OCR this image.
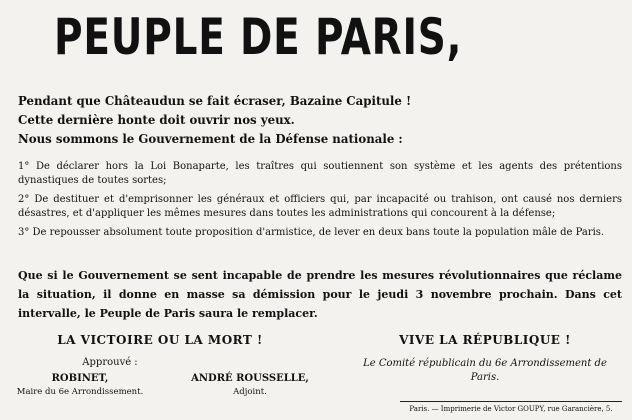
PEUPLE DE PARIS,
Pendant que Châteaudun se fait écraser, Bazaine Capitule !
Cette dernière honte doit ouvrir nos yeux.
Nous sommons le Gouvernement de la Défense nationale :
1° De déclarer hors la Loi Bonaparte, les traîtres qui soutiennent son système et les agents des prétentions dynastiques de toutes sortes;
2° De destituer et d'emprisonner les généraux et officiers qui, par incapacité ou trahison, ont causé nos derniers désastres, et d'appliquer les mêmes mesures dans toutes les administrations qui concourent à la défense;
3° De repousser absolument toute proposition d'armistice, de lever en deux bans toute la population mâle de Paris.
Que si le Gouvernement se sent incapable de prendre les mesures révolutionnaires que réclame la situation, il donne en masse sa démission pour le jeudi 3 novembre prochain. Dans cet intervalle, le Peuple de Paris saura le remplacer.
LA VICTOIRE OU LA MORT !
Approuvé :
ROBINET,
Maire du 6e Arrondissement.
ANDRÉ ROUSSELLE,
Adjoint.
VIVE LA RÉPUBLIQUE !
Le Comité républicain du 6e Arrondissement de Paris.
Paris. — Imprimerie de Victor GOUPY, rue Garancière, 5.
